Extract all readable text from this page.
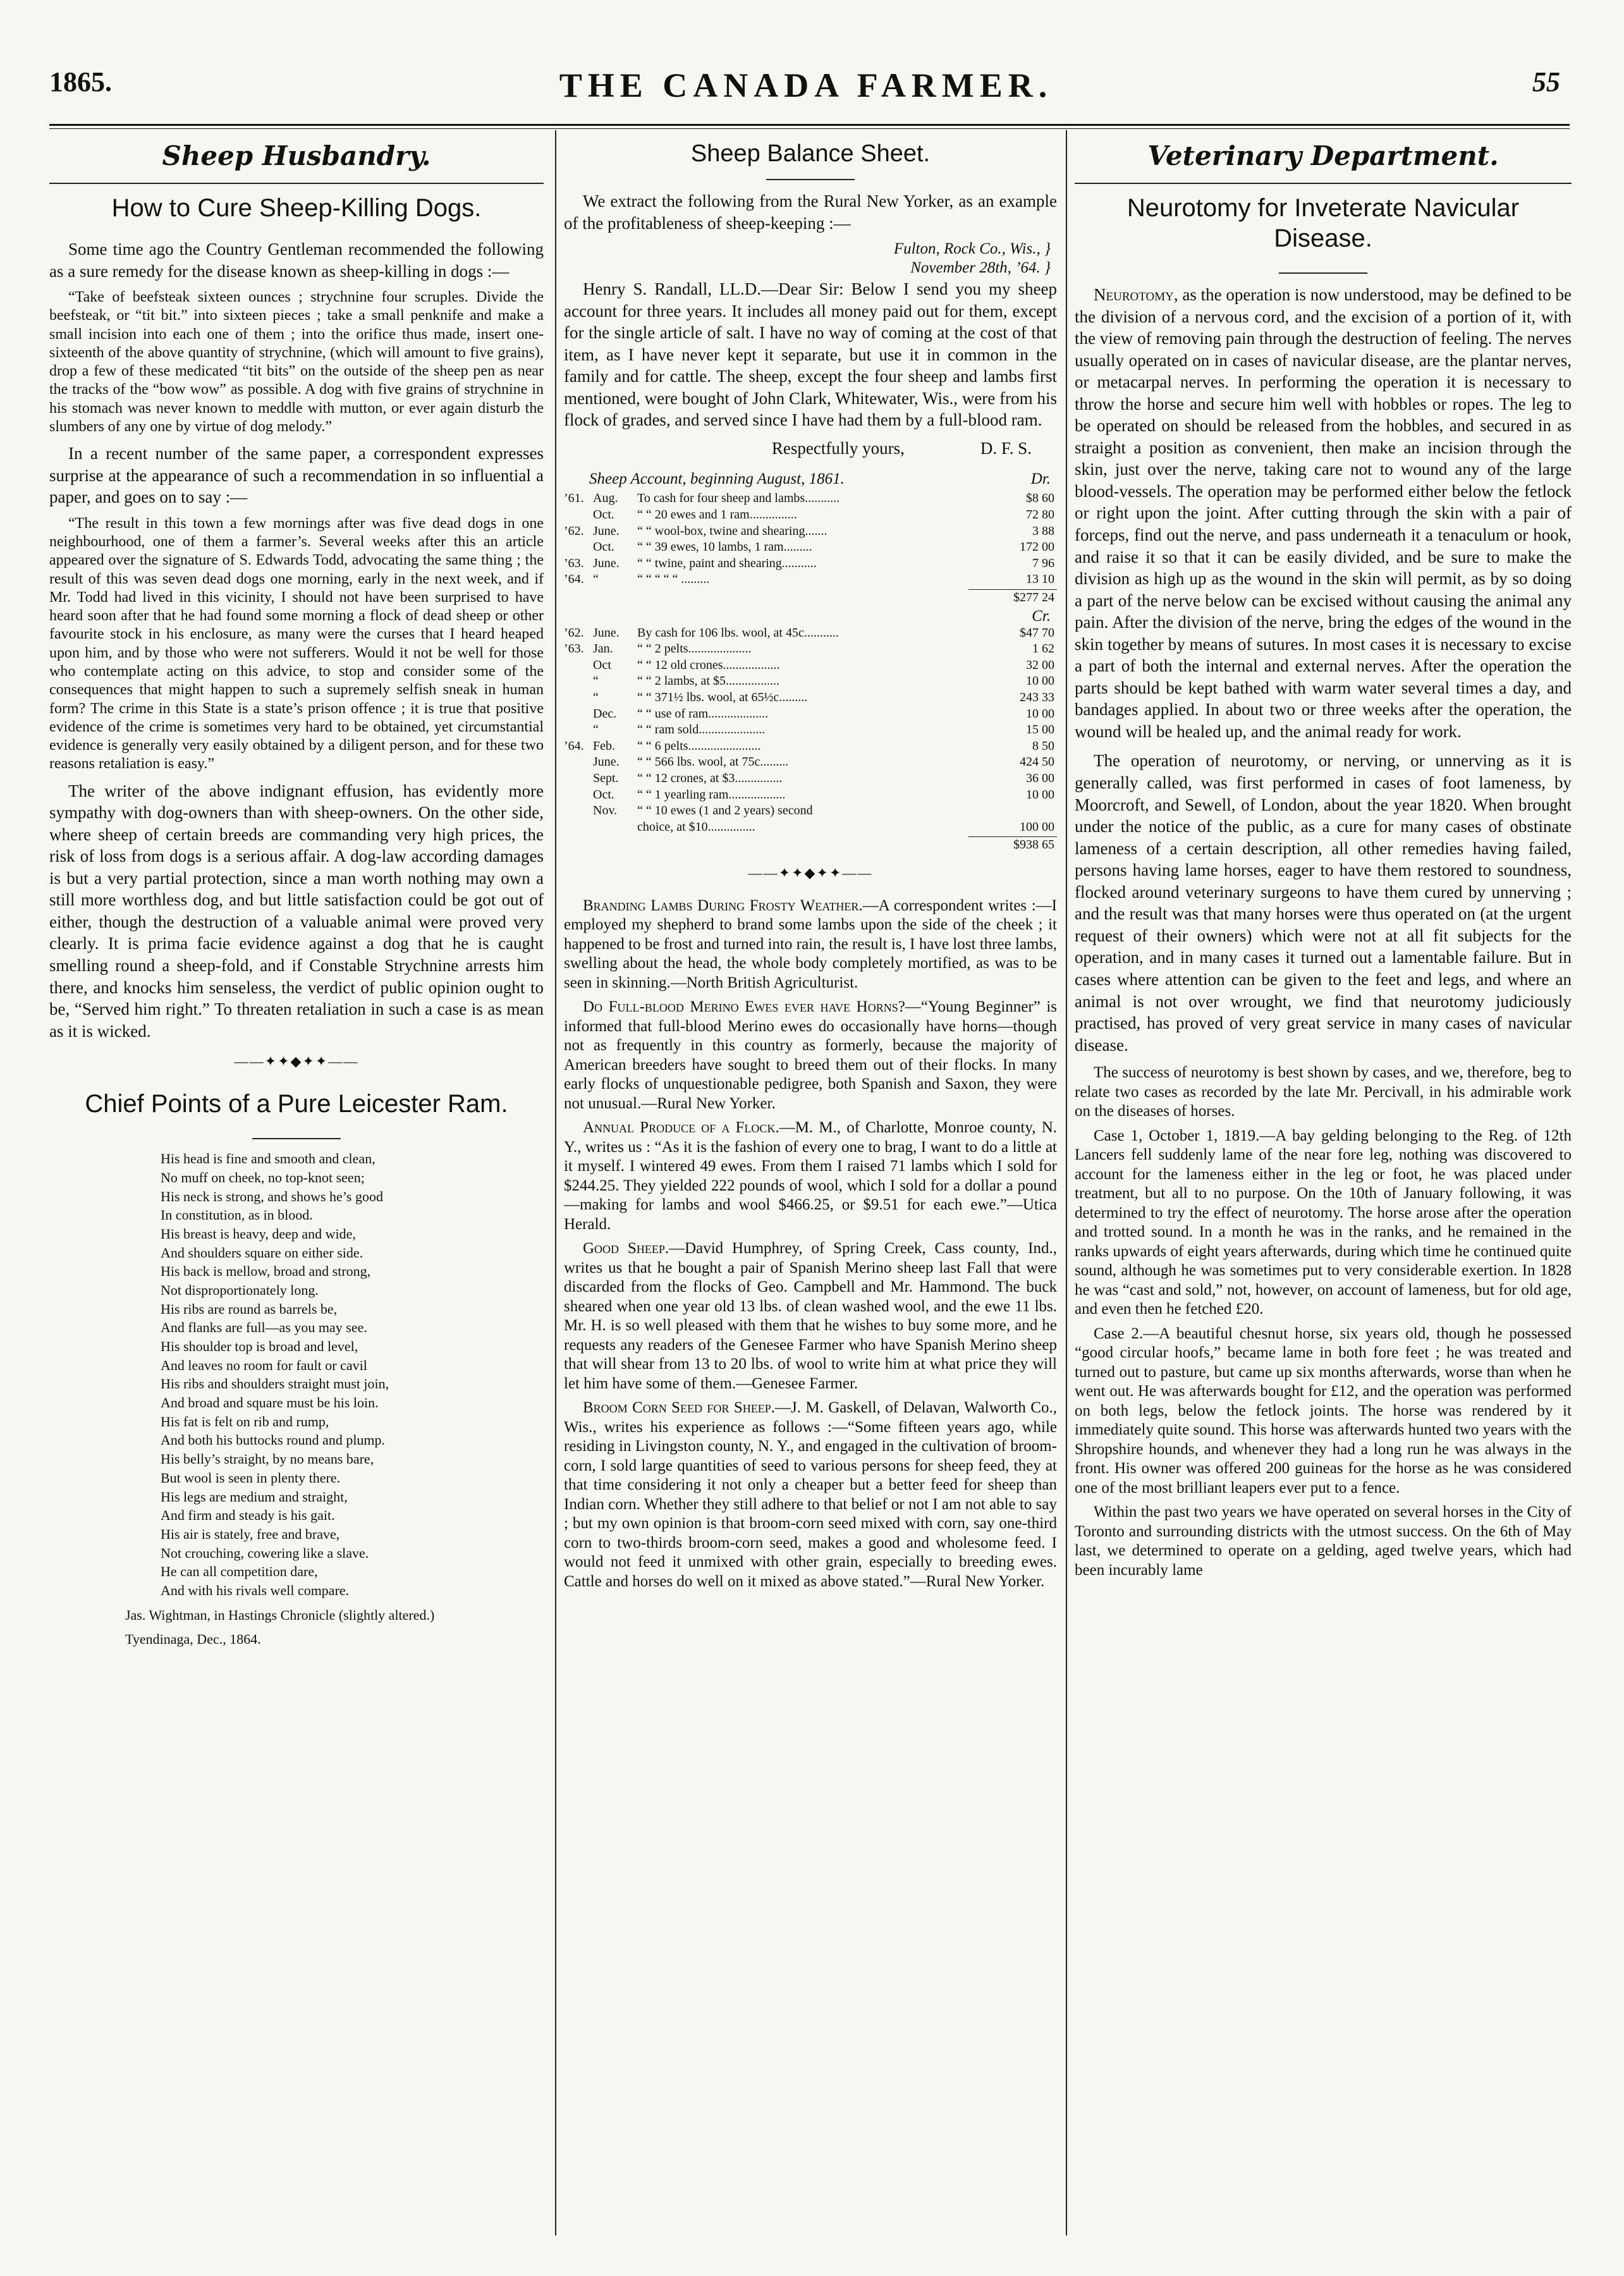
1865.	THE CANADA FARMER.	55
Sheep Husbandry.
How to Cure Sheep-Killing Dogs.
Some time ago the Country Gentleman recommended the following as a sure remedy for the disease known as sheep-killing in dogs :—
“Take of beefsteak sixteen ounces ; strychnine four scruples. Divide the beefsteak, or “tit bit.” into sixteen pieces ; take a small penknife and make a small incision into each one of them ; into the orifice thus made, insert one-sixteenth of the above quantity of strychnine, (which will amount to five grains), drop a few of these medicated “tit bits” on the outside of the sheep pen as near the tracks of the “bow wow” as possible. A dog with five grains of strychnine in his stomach was never known to meddle with mutton, or ever again disturb the slumbers of any one by virtue of dog melody.”
In a recent number of the same paper, a correspondent expresses surprise at the appearance of such a recommendation in so influential a paper, and goes on to say :—
“The result in this town a few mornings after was five dead dogs in one neighbourhood, one of them a farmer’s. Several weeks after this an article appeared over the signature of S. Edwards Todd, advocating the same thing ; the result of this was seven dead dogs one morning, early in the next week, and if Mr. Todd had lived in this vicinity, I should not have been surprised to have heard soon after that he had found some morning a flock of dead sheep or other favourite stock in his enclosure, as many were the curses that I heard heaped upon him, and by those who were not sufferers. Would it not be well for those who contemplate acting on this advice, to stop and consider some of the consequences that might happen to such a supremely selfish sneak in human form? The crime in this State is a state’s prison offence ; it is true that positive evidence of the crime is sometimes very hard to be obtained, yet circumstantial evidence is generally very easily obtained by a diligent person, and for these two reasons retaliation is easy.”
The writer of the above indignant effusion, has evidently more sympathy with dog-owners than with sheep-owners. On the other side, where sheep of certain breeds are commanding very high prices, the risk of loss from dogs is a serious affair. A dog-law according damages is but a very partial protection, since a man worth nothing may own a still more worthless dog, and but little satisfaction could be got out of either, though the destruction of a valuable animal were proved very clearly. It is prima facie evidence against a dog that he is caught smelling round a sheep-fold, and if Constable Strychnine arrests him there, and knocks him senseless, the verdict of public opinion ought to be, “Served him right.” To threaten retaliation in such a case is as mean as it is wicked.
——✦✦◆✦✦——
Chief Points of a Pure Leicester Ram.
His head is fine and smooth and clean,
No muff on cheek, no top-knot seen;
His neck is strong, and shows he’s good
In constitution, as in blood.
His breast is heavy, deep and wide,
And shoulders square on either side.
His back is mellow, broad and strong,
Not disproportionately long.
His ribs are round as barrels be,
And flanks are full—as you may see.
His shoulder top is broad and level,
And leaves no room for fault or cavil
His ribs and shoulders straight must join,
And broad and square must be his loin.
His fat is felt on rib and rump,
And both his buttocks round and plump.
His belly’s straight, by no means bare,
But wool is seen in plenty there.
His legs are medium and straight,
And firm and steady is his gait.
His air is stately, free and brave,
Not crouching, cowering like a slave.
He can all competition dare,
And with his rivals well compare.
Jas. Wightman, in Hastings Chronicle (slightly altered.)
Tyendinaga, Dec., 1864.
Sheep Balance Sheet.
We extract the following from the Rural New Yorker, as an example of the profitableness of sheep-keeping :—
Fulton, Rock Co., Wis., }
November 28th, ’64. }
Henry S. Randall, LL.D.—Dear Sir: Below I send you my sheep account for three years. It includes all money paid out for them, except for the single article of salt. I have no way of coming at the cost of that item, as I have never kept it separate, but use it in common in the family and for cattle. The sheep, except the four sheep and lambs first mentioned, were bought of John Clark, Whitewater, Wis., were from his flock of grades, and served since I have had them by a full-blood ram.
Respectfully yours,	D. F. S.
Sheep Account, beginning August, 1861.	Dr.
’61. Aug.	To cash for four sheep and lambs...........	$8 60
Oct.	“ “ 20 ewes and 1 ram...............	72 80
’62. June.	“ “ wool-box, twine and shearing.......	3 88
Oct.	“ “ 39 ewes, 10 lambs, 1 ram.........	172 00
’63. June.	“ “ twine, paint and shearing...........	7 96
’64. “	“ “ “ “ “ .........	13 10
$277 24
Cr.
’62. June.	By cash for 106 lbs. wool, at 45c...........	$47 70
’63. Jan.	“ “ 2 pelts....................	1 62
Oct	“ “ 12 old crones..................	32 00
“	“ “ 2 lambs, at $5.................	10 00
“	“ “ 371½ lbs. wool, at 65½c.........	243 33
Dec.	“ “ use of ram...................	10 00
“	“ “ ram sold.....................	15 00
’64. Feb.	“ “ 6 pelts.......................	8 50
June.	“ “ 566 lbs. wool, at 75c.........	424 50
Sept.	“ “ 12 crones, at $3...............	36 00
Oct.	“ “ 1 yearling ram..................	10 00
Nov.	“ “ 10 ewes (1 and 2 years) second
choice, at $10...............	100 00
$938 65
——✦✦◆✦✦——
Branding Lambs During Frosty Weather.—A correspondent writes :—I employed my shepherd to brand some lambs upon the side of the cheek ; it happened to be frost and turned into rain, the result is, I have lost three lambs, swelling about the head, the whole body completely mortified, as was to be seen in skinning.—North British Agriculturist.
Do Full-blood Merino Ewes ever have Horns?—“Young Beginner” is informed that full-blood Merino ewes do occasionally have horns—though not as frequently in this country as formerly, because the majority of American breeders have sought to breed them out of their flocks. In many early flocks of unquestionable pedigree, both Spanish and Saxon, they were not unusual.—Rural New Yorker.
Annual Produce of a Flock.—M. M., of Charlotte, Monroe county, N. Y., writes us : “As it is the fashion of every one to brag, I want to do a little at it myself. I wintered 49 ewes. From them I raised 71 lambs which I sold for $244.25. They yielded 222 pounds of wool, which I sold for a dollar a pound—making for lambs and wool $466.25, or $9.51 for each ewe.”—Utica Herald.
Good Sheep.—David Humphrey, of Spring Creek, Cass county, Ind., writes us that he bought a pair of Spanish Merino sheep last Fall that were discarded from the flocks of Geo. Campbell and Mr. Hammond. The buck sheared when one year old 13 lbs. of clean washed wool, and the ewe 11 lbs. Mr. H. is so well pleased with them that he wishes to buy some more, and he requests any readers of the Genesee Farmer who have Spanish Merino sheep that will shear from 13 to 20 lbs. of wool to write him at what price they will let him have some of them.—Genesee Farmer.
Broom Corn Seed for Sheep.—J. M. Gaskell, of Delavan, Walworth Co., Wis., writes his experience as follows :—“Some fifteen years ago, while residing in Livingston county, N. Y., and engaged in the cultivation of broom-corn, I sold large quantities of seed to various persons for sheep feed, they at that time considering it not only a cheaper but a better feed for sheep than Indian corn. Whether they still adhere to that belief or not I am not able to say ; but my own opinion is that broom-corn seed mixed with corn, say one-third corn to two-thirds broom-corn seed, makes a good and wholesome feed. I would not feed it unmixed with other grain, especially to breeding ewes. Cattle and horses do well on it mixed as above stated.”—Rural New Yorker.
Veterinary Department.
Neurotomy for Inveterate Navicular Disease.
Neurotomy, as the operation is now understood, may be defined to be the division of a nervous cord, and the excision of a portion of it, with the view of removing pain through the destruction of feeling. The nerves usually operated on in cases of navicular disease, are the plantar nerves, or metacarpal nerves. In performing the operation it is necessary to throw the horse and secure him well with hobbles or ropes. The leg to be operated on should be released from the hobbles, and secured in as straight a position as convenient, then make an incision through the skin, just over the nerve, taking care not to wound any of the large blood-vessels. The operation may be performed either below the fetlock or right upon the joint. After cutting through the skin with a pair of forceps, find out the nerve, and pass underneath it a tenaculum or hook, and raise it so that it can be easily divided, and be sure to make the division as high up as the wound in the skin will permit, as by so doing a part of the nerve below can be excised without causing the animal any pain. After the division of the nerve, bring the edges of the wound in the skin together by means of sutures. In most cases it is necessary to excise a part of both the internal and external nerves. After the operation the parts should be kept bathed with warm water several times a day, and bandages applied. In about two or three weeks after the operation, the wound will be healed up, and the animal ready for work.
The operation of neurotomy, or nerving, or unnerving as it is generally called, was first performed in cases of foot lameness, by Moorcroft, and Sewell, of London, about the year 1820. When brought under the notice of the public, as a cure for many cases of obstinate lameness of a certain description, all other remedies having failed, persons having lame horses, eager to have them restored to soundness, flocked around veterinary surgeons to have them cured by unnerving ; and the result was that many horses were thus operated on (at the urgent request of their owners) which were not at all fit subjects for the operation, and in many cases it turned out a lamentable failure. But in cases where attention can be given to the feet and legs, and where an animal is not over wrought, we find that neurotomy judiciously practised, has proved of very great service in many cases of navicular disease.
The success of neurotomy is best shown by cases, and we, therefore, beg to relate two cases as recorded by the late Mr. Percivall, in his admirable work on the diseases of horses.
Case 1, October 1, 1819.—A bay gelding belonging to the Reg. of 12th Lancers fell suddenly lame of the near fore leg, nothing was discovered to account for the lameness either in the leg or foot, he was placed under treatment, but all to no purpose. On the 10th of January following, it was determined to try the effect of neurotomy. The horse arose after the operation and trotted sound. In a month he was in the ranks, and he remained in the ranks upwards of eight years afterwards, during which time he continued quite sound, although he was sometimes put to very considerable exertion. In 1828 he was “cast and sold,” not, however, on account of lameness, but for old age, and even then he fetched £20.
Case 2.—A beautiful chesnut horse, six years old, though he possessed “good circular hoofs,” became lame in both fore feet ; he was treated and turned out to pasture, but came up six months afterwards, worse than when he went out. He was afterwards bought for £12, and the operation was performed on both legs, below the fetlock joints. The horse was rendered by it immediately quite sound. This horse was afterwards hunted two years with the Shropshire hounds, and whenever they had a long run he was always in the front. His owner was offered 200 guineas for the horse as he was considered one of the most brilliant leapers ever put to a fence.
Within the past two years we have operated on several horses in the City of Toronto and surrounding districts with the utmost success. On the 6th of May last, we determined to operate on a gelding, aged twelve years, which had been incurably lame
